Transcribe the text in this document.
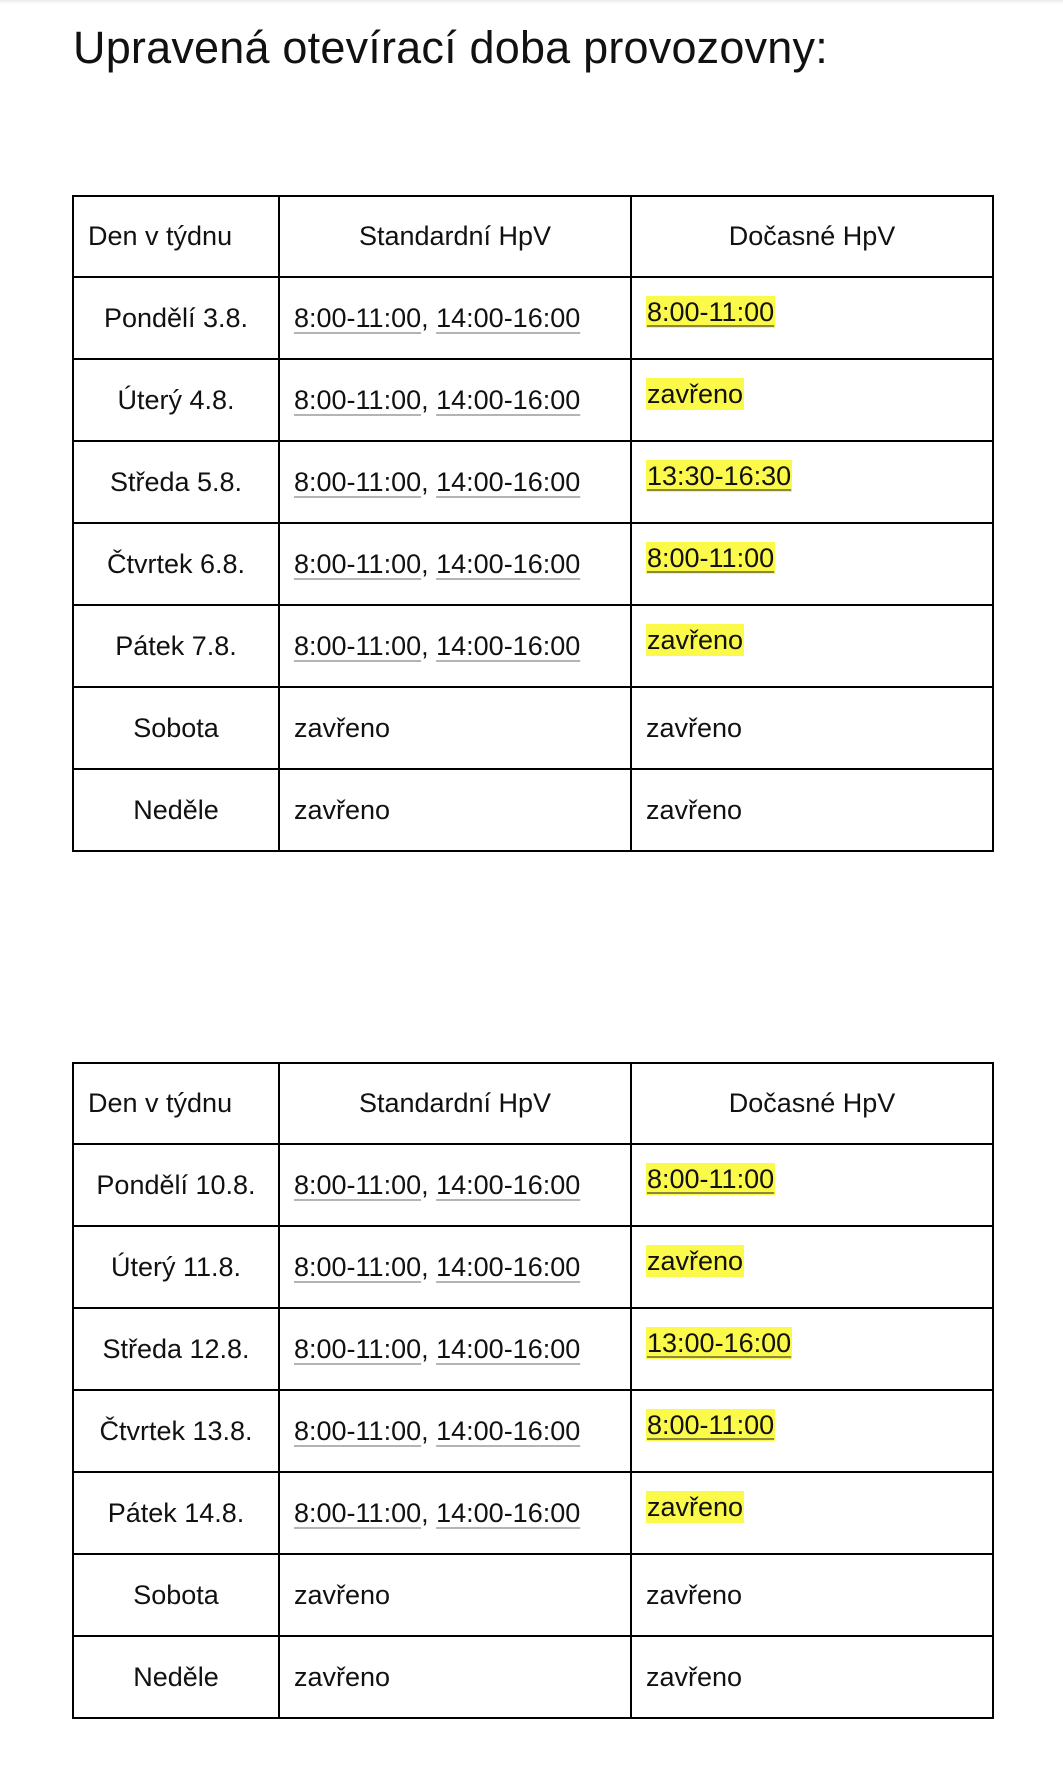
Upravená otevírací doba provozovny:
Den v týdnu	Standardní HpV	Dočasné HpV
Pondělí 3.8.	8:00-11:00, 14:00-16:00	8:00-11:00
Úterý 4.8.	8:00-11:00, 14:00-16:00	zavřeno
Středa 5.8.	8:00-11:00, 14:00-16:00	13:30-16:30
Čtvrtek 6.8.	8:00-11:00, 14:00-16:00	8:00-11:00
Pátek 7.8.	8:00-11:00, 14:00-16:00	zavřeno
Sobota	zavřeno	zavřeno
Neděle	zavřeno	zavřeno
Den v týdnu	Standardní HpV	Dočasné HpV
Pondělí 10.8.	8:00-11:00, 14:00-16:00	8:00-11:00
Úterý 11.8.	8:00-11:00, 14:00-16:00	zavřeno
Středa 12.8.	8:00-11:00, 14:00-16:00	13:00-16:00
Čtvrtek 13.8.	8:00-11:00, 14:00-16:00	8:00-11:00
Pátek 14.8.	8:00-11:00, 14:00-16:00	zavřeno
Sobota	zavřeno	zavřeno
Neděle	zavřeno	zavřeno
